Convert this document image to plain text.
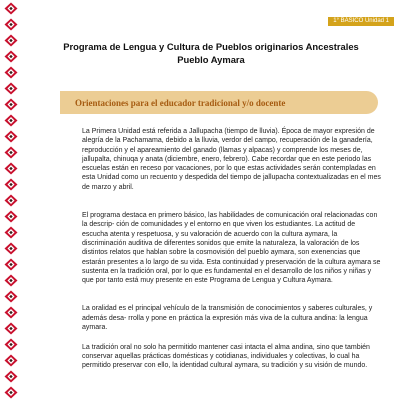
1° BÁSICO Unidad 1
Programa de Lengua y Cultura de Pueblos originarios Ancestrales
Pueblo Aymara
Orientaciones para el educador tradicional y/o docente

La Primera Unidad está referida a Jallupacha (tiempo de lluvia). Época de mayor expresión de alegría de la Pachamama, debido a la lluvia, verdor del campo, recuperación de la ganadería, reproducción y el apareamiento del ganado (llamas y alpacas) y comprende los meses de, jallupalta, chinuqa y anata (diciembre, enero, febrero). Cabe recordar que en este periodo las escuelas están en receso por vacaciones, por lo que estas actividades serán contempladas en esta Unidad como un recuento y despedida del tiempo de jallupacha contextualizadas en el mes de marzo y abril.

El programa destaca en primero básico, las habilidades de comunicación oral relacionadas con la descrip- ción de comunidades y el entorno en que viven los estudiantes. La actitud de escucha atenta y respetuosa, y su valoración de acuerdo con la cultura aymara, la discriminación auditiva de diferentes sonidos que emite la naturaleza, la valoración de los distintos relatos que hablan sobre la cosmovisión del pueblo aymara, son exenencias que estarán presentes a lo largo de su vida. Esta continuidad y preservación de la cultura aymara se sustenta en la tradición oral, por lo que es fundamental en el desarrollo de los niños y niñas y que por tanto está muy presente en este Programa de Lengua y Cultura Aymara.

La oralidad es el principal vehículo de la transmisión de conocimientos y saberes culturales, y además desa- rrolla y pone en práctica la expresión más viva de la cultura andina: la lengua aymara.

La tradición oral no solo ha permitido mantener casi intacta el alma andina, sino que también conservar aquellas prácticas domésticas y cotidianas, individuales y colectivas, lo cual ha permitido preservar con ello, la identidad cultural aymara, su tradición y su visión de mundo.
